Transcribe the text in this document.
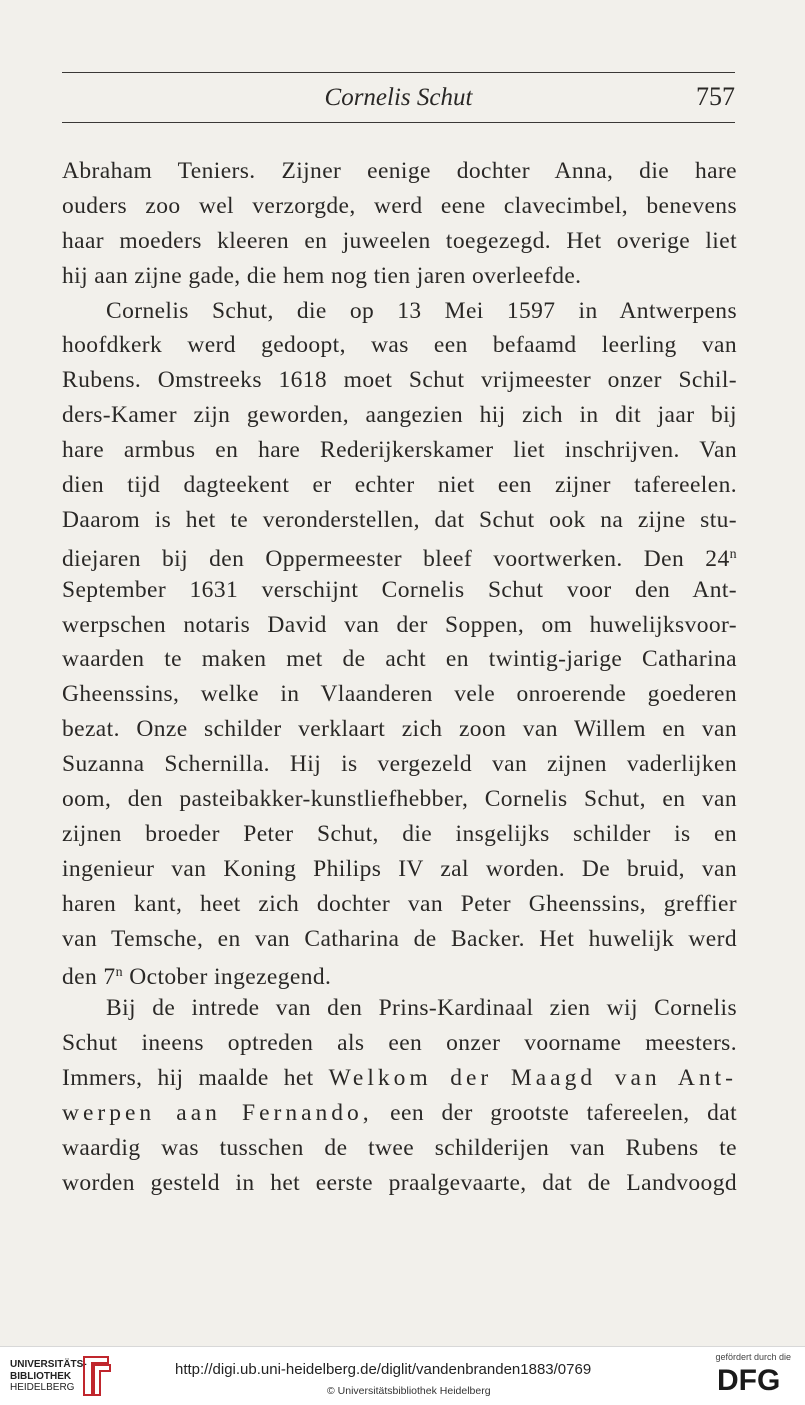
Cornelis Schut	757
Abraham Teniers. Zijner eenige dochter Anna, die hare
ouders zoo wel verzorgde, werd eene clavecimbel, benevens
haar moeders kleeren en juweelen toegezegd. Het overige liet
hij aan zijne gade, die hem nog tien jaren overleefde.
Cornelis Schut, die op 13 Mei 1597 in Antwerpens
hoofdkerk werd gedoopt, was een befaamd leerling van
Rubens. Omstreeks 1618 moet Schut vrijmeester onzer Schil-
ders-Kamer zijn geworden, aangezien hij zich in dit jaar bij
hare armbus en hare Rederijkerskamer liet inschrijven. Van
dien tijd dagteekent er echter niet een zijner tafereelen.
Daarom is het te veronderstellen, dat Schut ook na zijne stu-
diejaren bij den Oppermeester bleef voortwerken. Den 24$^n$
September 1631 verschijnt Cornelis Schut voor den Ant-
werpschen notaris David van der Soppen, om huwelijksvoor-
waarden te maken met de acht en twintig-jarige Catharina
Gheenssins, welke in Vlaanderen vele onroerende goederen
bezat. Onze schilder verklaart zich zoon van Willem en van
Suzanna Schernilla. Hij is vergezeld van zijnen vaderlijken
oom, den pasteibakker-kunstliefhebber, Cornelis Schut, en van
zijnen broeder Peter Schut, die insgelijks schilder is en
ingenieur van Koning Philips IV zal worden. De bruid, van
haren kant, heet zich dochter van Peter Gheenssins, greffier
van Temsche, en van Catharina de Backer. Het huwelijk werd
den 7$^n$ October ingezegend.
Bij de intrede van den Prins-Kardinaal zien wij Cornelis
Schut ineens optreden als een onzer voorname meesters.
Immers, hij maalde het Welkom der Maagd van Ant-
werpen aan Fernando, een der grootste tafereelen, dat
waardig was tusschen de twee schilderijen van Rubens te
worden gesteld in het eerste praalgevaarte, dat de Landvoogd
UNIVERSITÄTS-
BIBLIOTHEK
HEIDELBERG
http://digi.ub.uni-heidelberg.de/diglit/vandenbranden1883/0769
© Universitätsbibliothek Heidelberg
gefördert durch die
DFG
